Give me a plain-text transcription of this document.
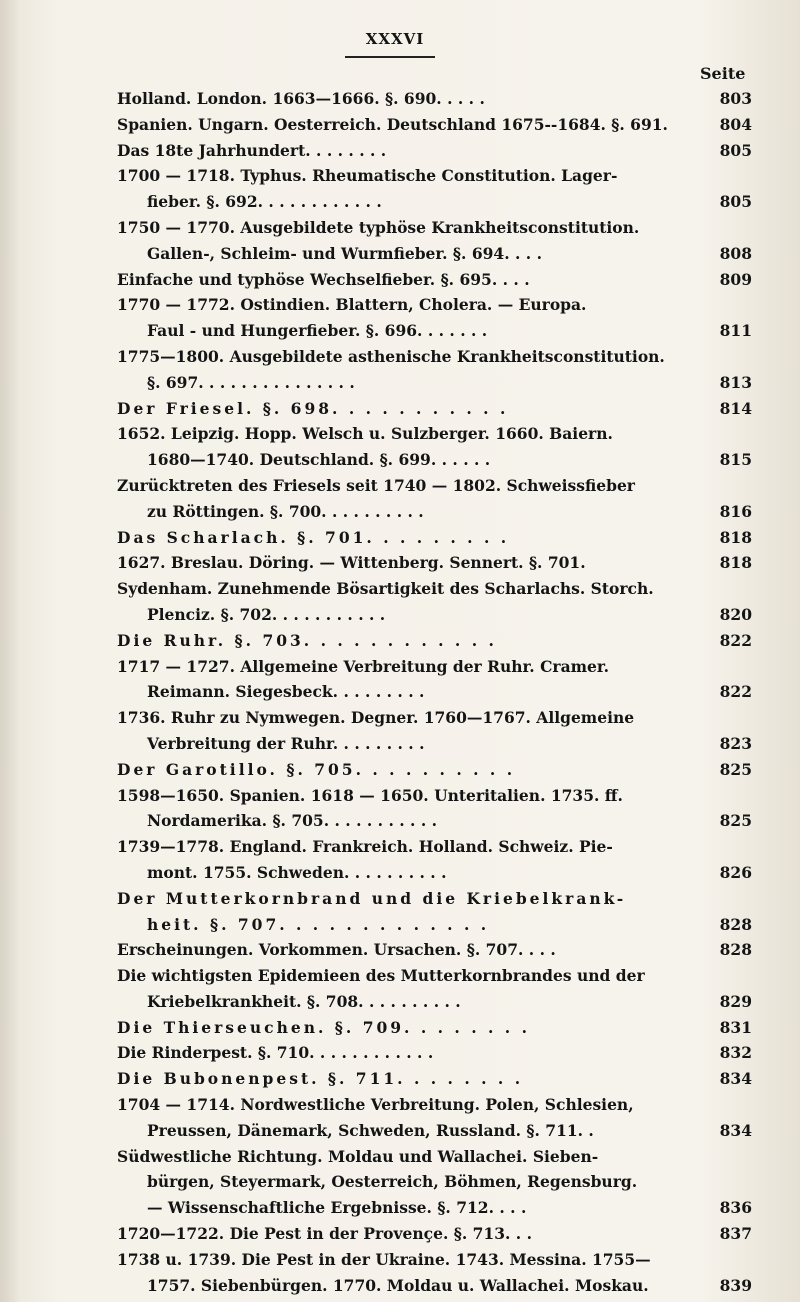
XXXVI
Seite
Holland. London. 1663—1666. §. 690. . . . .	803
Spanien. Ungarn. Oesterreich. Deutschland 1675--1684. §. 691.	804
Das 18te Jahrhundert. . . . . . . .	805
1700 — 1718. Typhus. Rheumatische Constitution. Lager-
fieber. §. 692. . . . . . . . . . . .	805
1750 — 1770. Ausgebildete typhöse Krankheitsconstitution.
Gallen-, Schleim- und Wurmfieber. §. 694. . . .	808
Einfache und typhöse Wechselfieber. §. 695. . . .	809
1770 — 1772. Ostindien. Blattern, Cholera. — Europa.
Faul - und Hungerfieber. §. 696. . . . . . .	811
1775—1800. Ausgebildete asthenische Krankheitsconstitution.
§. 697. . . . . . . . . . . . . . .	813
Der Friesel. §. 698. . . . . . . . . . .	814
1652. Leipzig. Hopp. Welsch u. Sulzberger. 1660. Baiern.
1680—1740. Deutschland. §. 699. . . . . .	815
Zurücktreten des Friesels seit 1740 — 1802. Schweissfieber
zu Röttingen. §. 700. . . . . . . . . .	816
Das Scharlach. §. 701. . . . . . . . .	818
1627. Breslau. Döring. — Wittenberg. Sennert. §. 701.	818
Sydenham. Zunehmende Bösartigkeit des Scharlachs. Storch.
Plenciz. §. 702. . . . . . . . . . .	820
Die Ruhr. §. 703. . . . . . . . . . . .	822
1717 — 1727. Allgemeine Verbreitung der Ruhr. Cramer.
Reimann. Siegesbeck. . . . . . . . .	822
1736. Ruhr zu Nymwegen. Degner. 1760—1767. Allgemeine
Verbreitung der Ruhr. . . . . . . . .	823
Der Garotillo. §. 705. . . . . . . . . .	825
1598—1650. Spanien. 1618 — 1650. Unteritalien. 1735. ff.
Nordamerika. §. 705. . . . . . . . . . .	825
1739—1778. England. Frankreich. Holland. Schweiz. Pie-
mont. 1755. Schweden. . . . . . . . . .	826
Der Mutterkornbrand und die Kriebelkrank-
heit. §. 707. . . . . . . . . . . . .	828
Erscheinungen. Vorkommen. Ursachen. §. 707. . . .	828
Die wichtigsten Epidemieen des Mutterkornbrandes und der
Kriebelkrankheit. §. 708. . . . . . . . . .	829
Die Thierseuchen. §. 709. . . . . . . .	831
Die Rinderpest. §. 710. . . . . . . . . . . .	832
Die Bubonenpest. §. 711. . . . . . . .	834
1704 — 1714. Nordwestliche Verbreitung. Polen, Schlesien,
Preussen, Dänemark, Schweden, Russland. §. 711. .	834
Südwestliche Richtung. Moldau und Wallachei. Sieben-
bürgen, Steyermark, Oesterreich, Böhmen, Regensburg.
— Wissenschaftliche Ergebnisse. §. 712. . . .	836
1720—1722. Die Pest in der Provençe. §. 713. . .	837
1738 u. 1739. Die Pest in der Ukraine. 1743. Messina. 1755—
1757. Siebenbürgen. 1770. Moldau u. Wallachei. Moskau.	839
